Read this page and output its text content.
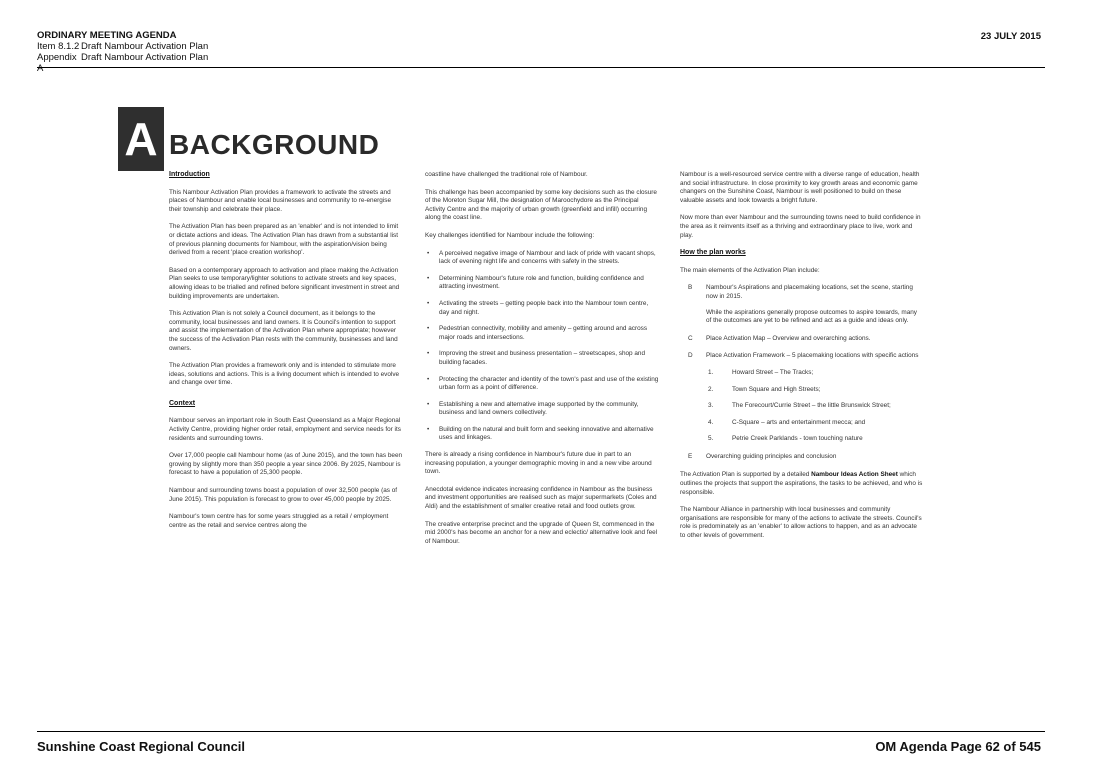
ORDINARY MEETING AGENDA
Item 8.1.2 Draft Nambour Activation Plan
Appendix A
Draft Nambour Activation Plan
23 JULY 2015
A BACKGROUND
Introduction
This Nambour Activation Plan provides a framework to activate the streets and places of Nambour and enable local businesses and community to re-energise their township and celebrate their place.
The Activation Plan has been prepared as an 'enabler' and is not intended to limit or dictate actions and ideas. The Activation Plan has drawn from a substantial list of previous planning documents for Nambour, with the aspiration/vision being derived from a recent 'place creation workshop'.
Based on a contemporary approach to activation and place making the Activation Plan seeks to use temporary/lighter solutions to activate streets and key spaces, allowing ideas to be trialled and refined before significant investment in street and building improvements are undertaken.
This Activation Plan is not solely a Council document, as it belongs to the community, local businesses and land owners. It is Council's intention to support and assist the implementation of the Activation Plan where appropriate; however the success of the Activation Plan rests with the community, businesses and land owners.
The Activation Plan provides a framework only and is intended to stimulate more ideas, solutions and actions. This is a living document which is intended to evolve and change over time.
Context
Nambour serves an important role in South East Queensland as a Major Regional Activity Centre, providing higher order retail, employment and service needs for its residents and surrounding towns.
Over 17,000 people call Nambour home (as of June 2015), and the town has been growing by slightly more than 350 people a year since 2006. By 2025, Nambour is forecast to have a population of 25,300 people.
Nambour and surrounding towns boast a population of over 32,500 people (as of June 2015). This population is forecast to grow to over 45,000 people by 2025.
Nambour's town centre has for some years struggled as a retail / employment centre as the retail and service centres along the
coastline have challenged the traditional role of Nambour.
This challenge has been accompanied by some key decisions such as the closure of the Moreton Sugar Mill, the designation of Maroochydore as the Principal Activity Centre and the majority of urban growth (greenfield and infill) occurring along the coast line.
Key challenges identified for Nambour include the following:
• A perceived negative image of Nambour and lack of pride with vacant shops, lack of evening night life and concerns with safety in the streets.
• Determining Nambour's future role and function, building confidence and attracting investment.
• Activating the streets – getting people back into the Nambour town centre, day and night.
• Pedestrian connectivity, mobility and amenity – getting around and across major roads and intersections.
• Improving the street and business presentation – streetscapes, shop and building facades.
• Protecting the character and identity of the town's past and use of the existing urban form as a point of difference.
• Establishing a new and alternative image supported by the community, business and land owners collectively.
• Building on the natural and built form and seeking innovative and alternative uses and linkages.
There is already a rising confidence in Nambour's future due in part to an increasing population, a younger demographic moving in and a new vibe around town.
Anecdotal evidence indicates increasing confidence in Nambour as the business and investment opportunities are realised such as major supermarkets (Coles and Aldi) and the establishment of smaller creative retail and food outlets grow.
The creative enterprise precinct and the upgrade of Queen St, commenced in the mid 2000's has become an anchor for a new and eclectic/ alternative look and feel of Nambour.
Nambour is a well-resourced service centre with a diverse range of education, health and social infrastructure. In close proximity to key growth areas and economic game changers on the Sunshine Coast, Nambour is well positioned to build on these valuable assets and look towards a bright future.
Now more than ever Nambour and the surrounding towns need to build confidence in the area as it reinvents itself as a thriving and extraordinary place to live, work and play.
How the plan works
The main elements of the Activation Plan include:
B Nambour's Aspirations and placemaking locations, set the scene, starting now in 2015.
While the aspirations generally propose outcomes to aspire towards, many of the outcomes are yet to be refined and act as a guide and ideas only.
C Place Activation Map – Overview and overarching actions.
D Place Activation Framework – 5 placemaking locations with specific actions
1.	Howard Street – The Tracks;
2.	Town Square and High Streets;
3.	The Forecourt/Currie Street – the little Brunswick Street;
4.	C-Square – arts and entertainment mecca; and
5.	Petrie Creek Parklands - town touching nature
E Overarching guiding principles and conclusion
The Activation Plan is supported by a detailed Nambour Ideas Action Sheet which outlines the projects that support the aspirations, the tasks to be achieved, and who is responsible.
The Nambour Alliance in partnership with local businesses and community organisations are responsible for many of the actions to activate the streets. Council's role is predominately as an 'enabler' to allow actions to happen, and as an advocate to other levels of government.
Sunshine Coast Regional Council	OM Agenda Page 62 of 545
